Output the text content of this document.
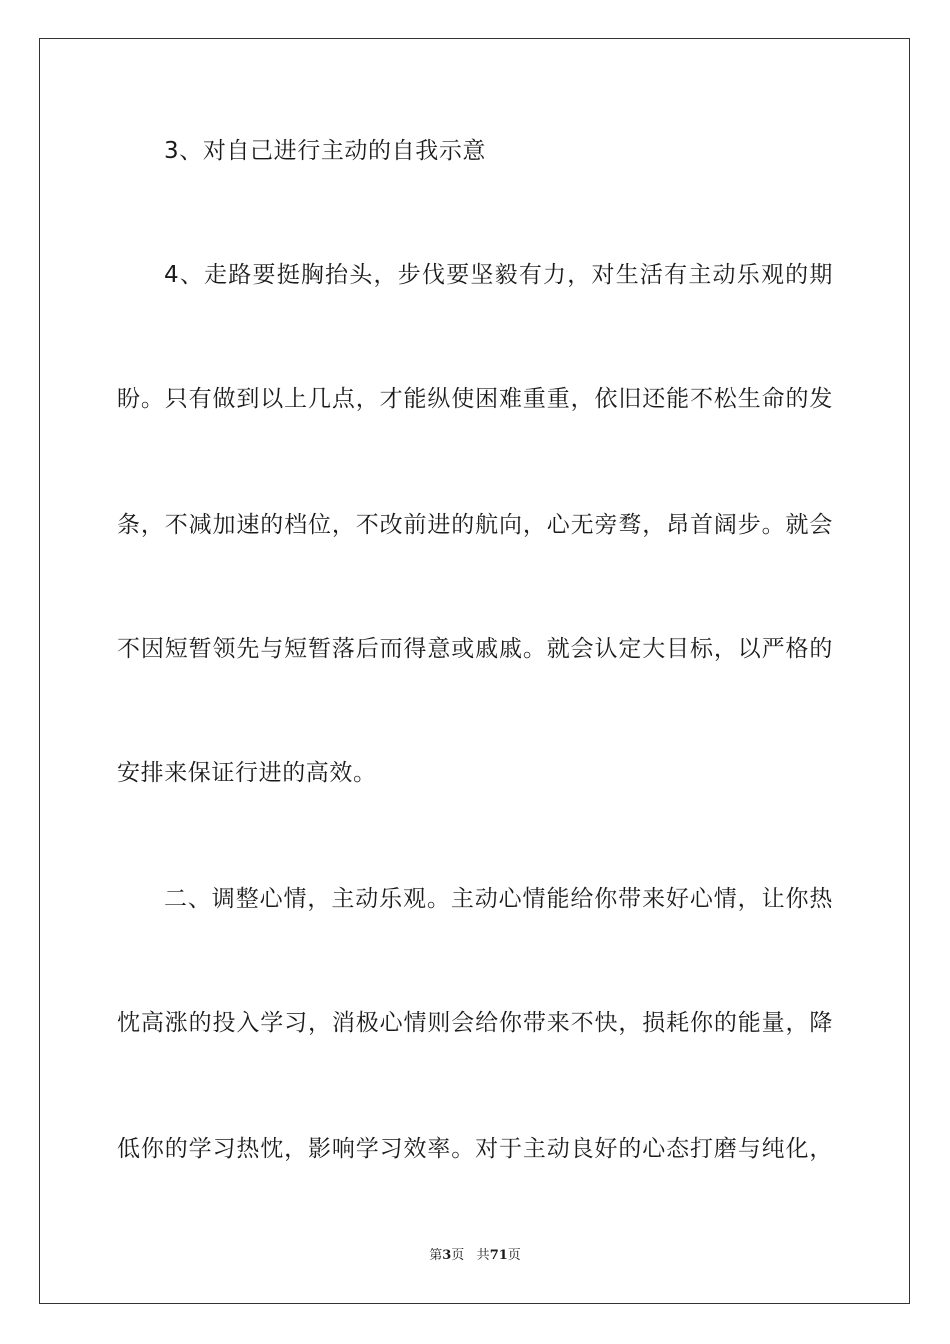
3、对自己进行主动的自我示意
4、走路要挺胸抬头，步伐要坚毅有力，对生活有主动乐观的期
盼。只有做到以上几点，才能纵使困难重重，依旧还能不松生命的发
条，不减加速的档位，不改前进的航向，心无旁骛，昂首阔步。就会
不因短暂领先与短暂落后而得意或戚戚。就会认定大目标，以严格的
安排来保证行进的高效。
二、调整心情，主动乐观。主动心情能给你带来好心情，让你热
忱高涨的投入学习，消极心情则会给你带来不快，损耗你的能量，降
低你的学习热忱，影响学习效率。对于主动良好的心态打磨与纯化，
第3页 共71页
